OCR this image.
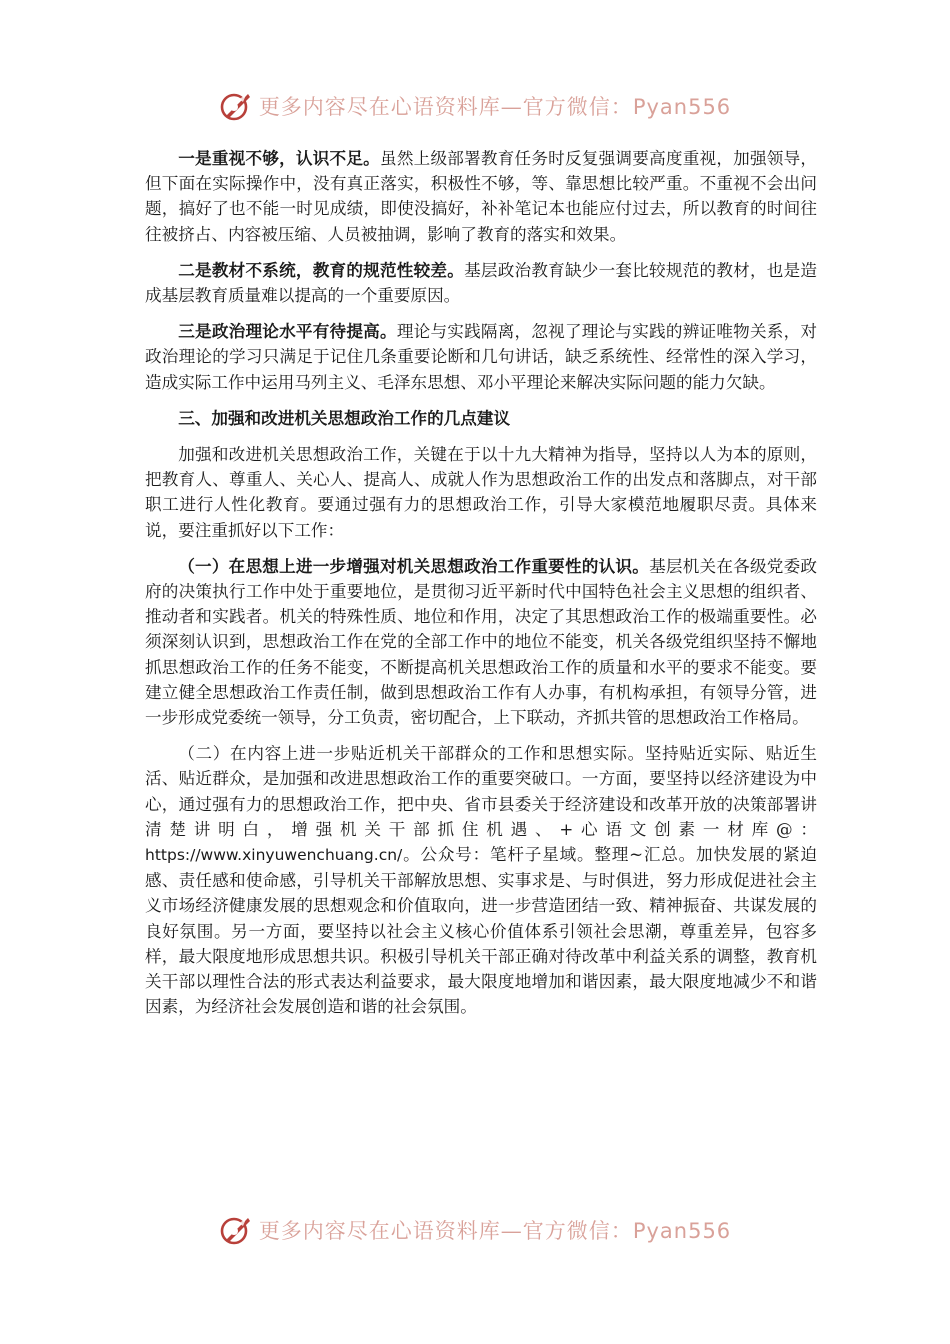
更多内容尽在心语资料库—官方微信：Pyan556

一是重视不够，认识不足。虽然上级部署教育任务时反复强调要高度重视，加强领导，但下面在实际操作中，没有真正落实，积极性不够，等、靠思想比较严重。不重视不会出问题，搞好了也不能一时见成绩，即使没搞好，补补笔记本也能应付过去，所以教育的时间往往被挤占、内容被压缩、人员被抽调，影响了教育的落实和效果。

二是教材不系统，教育的规范性较差。基层政治教育缺少一套比较规范的教材，也是造成基层教育质量难以提高的一个重要原因。

三是政治理论水平有待提高。理论与实践隔离，忽视了理论与实践的辨证唯物关系，对政治理论的学习只满足于记住几条重要论断和几句讲话，缺乏系统性、经常性的深入学习，造成实际工作中运用马列主义、毛泽东思想、邓小平理论来解决实际问题的能力欠缺。

三、加强和改进机关思想政治工作的几点建议

加强和改进机关思想政治工作，关键在于以十九大精神为指导，坚持以人为本的原则，把教育人、尊重人、关心人、提高人、成就人作为思想政治工作的出发点和落脚点，对干部职工进行人性化教育。要通过强有力的思想政治工作，引导大家模范地履职尽责。具体来说，要注重抓好以下工作：

（一）在思想上进一步增强对机关思想政治工作重要性的认识。基层机关在各级党委政府的决策执行工作中处于重要地位，是贯彻习近平新时代中国特色社会主义思想的组织者、推动者和实践者。机关的特殊性质、地位和作用，决定了其思想政治工作的极端重要性。必须深刻认识到，思想政治工作在党的全部工作中的地位不能变，机关各级党组织坚持不懈地抓思想政治工作的任务不能变，不断提高机关思想政治工作的质量和水平的要求不能变。要建立健全思想政治工作责任制，做到思想政治工作有人办事，有机构承担，有领导分管，进一步形成党委统一领导，分工负责，密切配合，上下联动，齐抓共管的思想政治工作格局。

（二）在内容上进一步贴近机关干部群众的工作和思想实际。坚持贴近实际、贴近生活、贴近群众，是加强和改进思想政治工作的重要突破口。一方面，要坚持以经济建设为中心，通过强有力的思想政治工作，把中央、省市县委关于经济建设和改革开放的决策部署讲清楚讲明白，增强机关干部抓住机遇、+心语文创素一材库@：https://www.xinyuwenchuang.cn/。公众号：笔杆子星域。整理~汇总。加快发展的紧迫感、责任感和使命感，引导机关干部解放思想、实事求是、与时俱进，努力形成促进社会主义市场经济健康发展的思想观念和价值取向，进一步营造团结一致、精神振奋、共谋发展的良好氛围。另一方面，要坚持以社会主义核心价值体系引领社会思潮，尊重差异，包容多样，最大限度地形成思想共识。积极引导机关干部正确对待改革中利益关系的调整，教育机关干部以理性合法的形式表达利益要求，最大限度地增加和谐因素，最大限度地减少不和谐因素，为经济社会发展创造和谐的社会氛围。

更多内容尽在心语资料库—官方微信：Pyan556
